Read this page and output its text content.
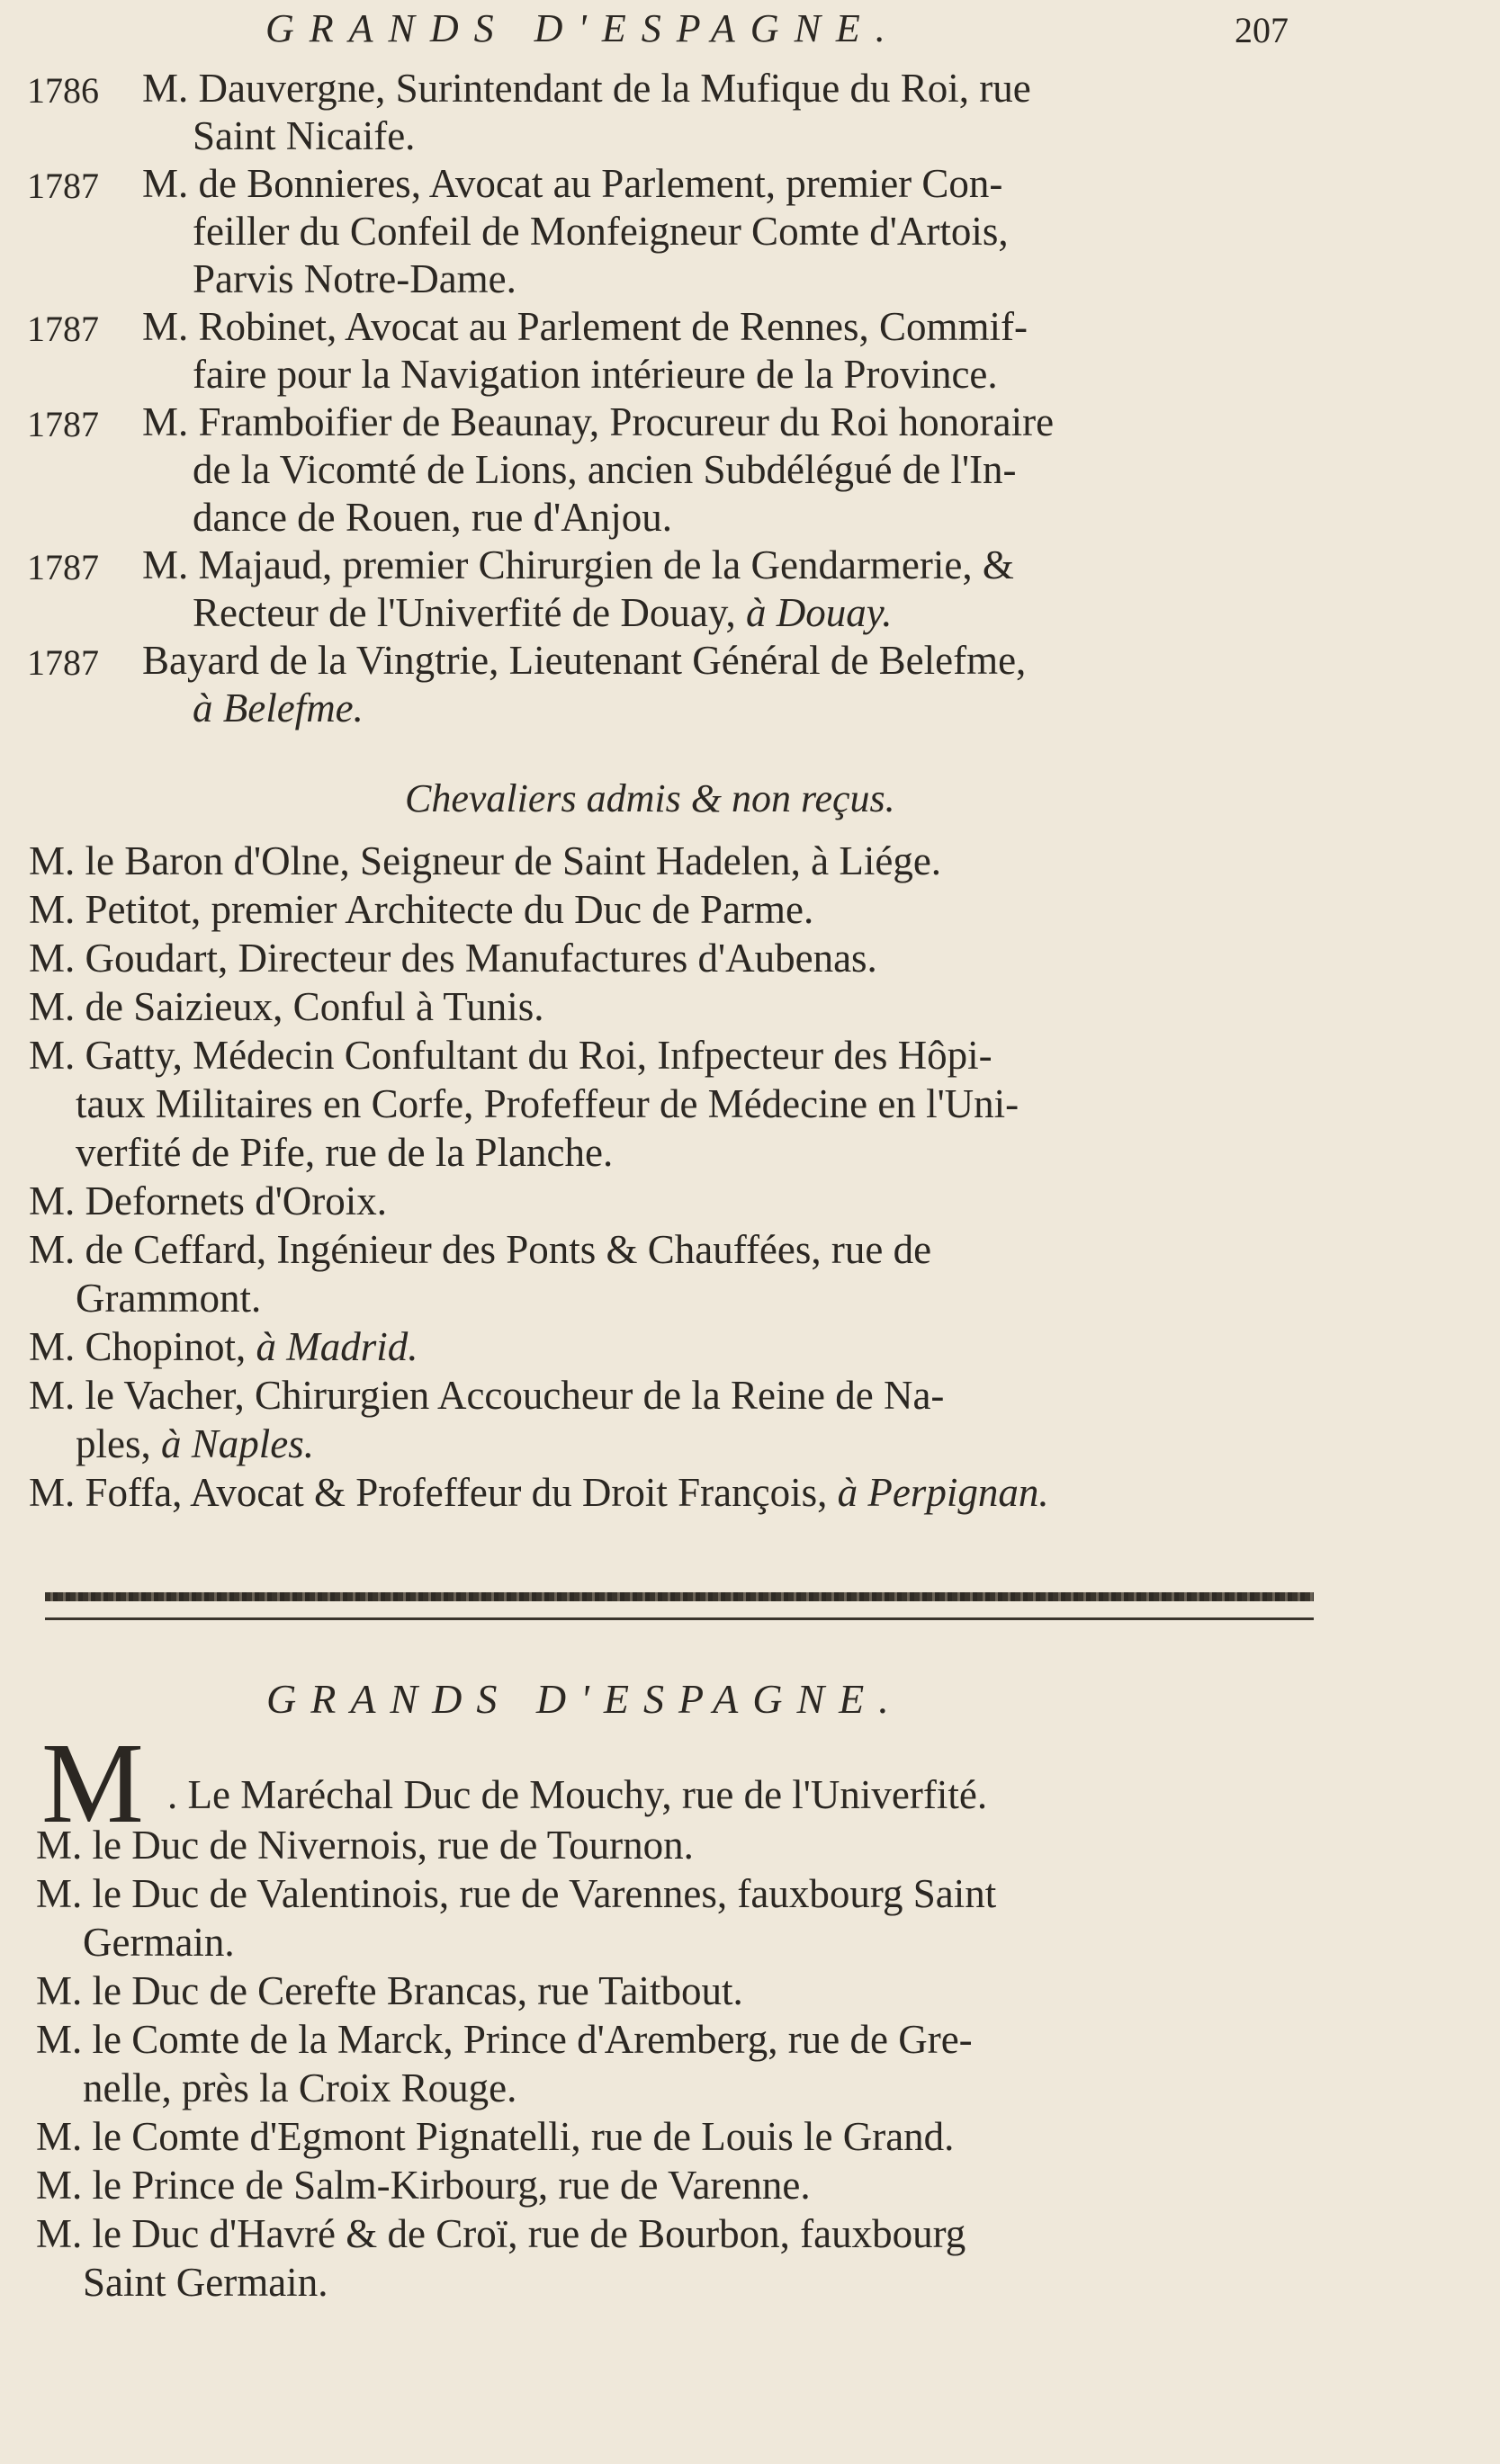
GRANDS D'ESPAGNE.	207
1786	M. Dauvergne, Surintendant de la Mufique du Roi, rue
Saint Nicaife.
1787	M. de Bonnieres, Avocat au Parlement, premier Con-
feiller du Confeil de Monfeigneur Comte d'Artois,
Parvis Notre-Dame.
1787	M. Robinet, Avocat au Parlement de Rennes, Commif-
faire pour la Navigation intérieure de la Province.
1787	M. Framboifier de Beaunay, Procureur du Roi honoraire
de la Vicomté de Lions, ancien Subdélégué de l'In-
dance de Rouen, rue d'Anjou.
1787	M. Majaud, premier Chirurgien de la Gendarmerie, &
Recteur de l'Univerfité de Douay, à Douay.
1787	Bayard de la Vingtrie, Lieutenant Général de Belefme,
à Belefme.
Chevaliers admis & non reçus.
M. le Baron d'Olne, Seigneur de Saint Hadelen, à Liége.
M. Petitot, premier Architecte du Duc de Parme.
M. Goudart, Directeur des Manufactures d'Aubenas.
M. de Saizieux, Conful à Tunis.
M. Gatty, Médecin Confultant du Roi, Infpecteur des Hôpi-
taux Militaires en Corfe, Profeffeur de Médecine en l'Uni-
verfité de Pife, rue de la Planche.
M. Defornets d'Oroix.
M. de Ceffard, Ingénieur des Ponts & Chauffées, rue de
Grammont.
M. Chopinot, à Madrid.
M. le Vacher, Chirurgien Accoucheur de la Reine de Na-
ples, à Naples.
M. Foffa, Avocat & Profeffeur du Droit François, à Perpignan.
GRANDS D'ESPAGNE.
M . Le Maréchal Duc de Mouchy, rue de l'Univerfité.
M. le Duc de Nivernois, rue de Tournon.
M. le Duc de Valentinois, rue de Varennes, fauxbourg Saint
Germain.
M. le Duc de Cerefte Brancas, rue Taitbout.
M. le Comte de la Marck, Prince d'Aremberg, rue de Gre-
nelle, près la Croix Rouge.
M. le Comte d'Egmont Pignatelli, rue de Louis le Grand.
M. le Prince de Salm-Kirbourg, rue de Varenne.
M. le Duc d'Havré & de Croï, rue de Bourbon, fauxbourg
Saint Germain.
